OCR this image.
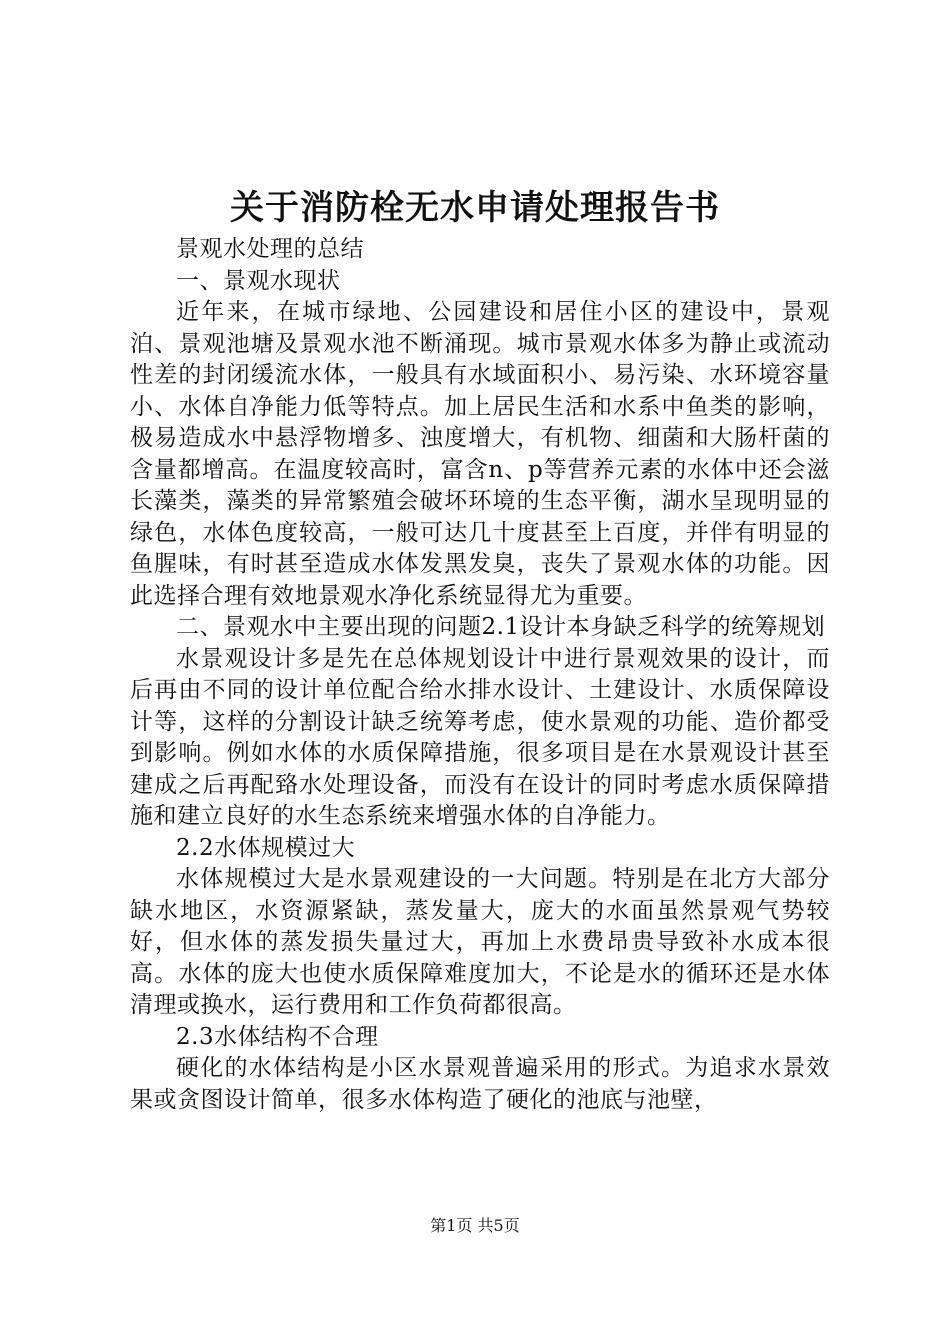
关于消防栓无水申请处理报告书

景观水处理的总结

一、景观水现状

近年来，在城市绿地、公园建设和居住小区的建设中，景观泊、景观池塘及景观水池不断涌现。城市景观水体多为静止或流动性差的封闭缓流水体，一般具有水域面积小、易污染、水环境容量小、水体自净能力低等特点。加上居民生活和水系中鱼类的影响，极易造成水中悬浮物增多、浊度增大，有机物、细菌和大肠杆菌的含量都增高。在温度较高时，富含n、p等营养元素的水体中还会滋长藻类，藻类的异常繁殖会破坏环境的生态平衡，湖水呈现明显的绿色，水体色度较高，一般可达几十度甚至上百度，并伴有明显的鱼腥味，有时甚至造成水体发黑发臭，丧失了景观水体的功能。因此选择合理有效地景观水净化系统显得尤为重要。

二、景观水中主要出现的问题2.1设计本身缺乏科学的统筹规划

水景观设计多是先在总体规划设计中进行景观效果的设计，而后再由不同的设计单位配合给水排水设计、土建设计、水质保障设计等，这样的分割设计缺乏统筹考虑，使水景观的功能、造价都受到影响。例如水体的水质保障措施，很多项目是在水景观设计甚至建成之后再配臵水处理设备，而没有在设计的同时考虑水质保障措施和建立良好的水生态系统来增强水体的自净能力。

2.2水体规模过大

水体规模过大是水景观建设的一大问题。特别是在北方大部分缺水地区，水资源紧缺，蒸发量大，庞大的水面虽然景观气势较好，但水体的蒸发损失量过大，再加上水费昂贵导致补水成本很高。水体的庞大也使水质保障难度加大，不论是水的循环还是水体清理或换水，运行费用和工作负荷都很高。

2.3水体结构不合理

硬化的水体结构是小区水景观普遍采用的形式。为追求水景效果或贪图设计简单，很多水体构造了硬化的池底与池壁，

第1页 共5页
